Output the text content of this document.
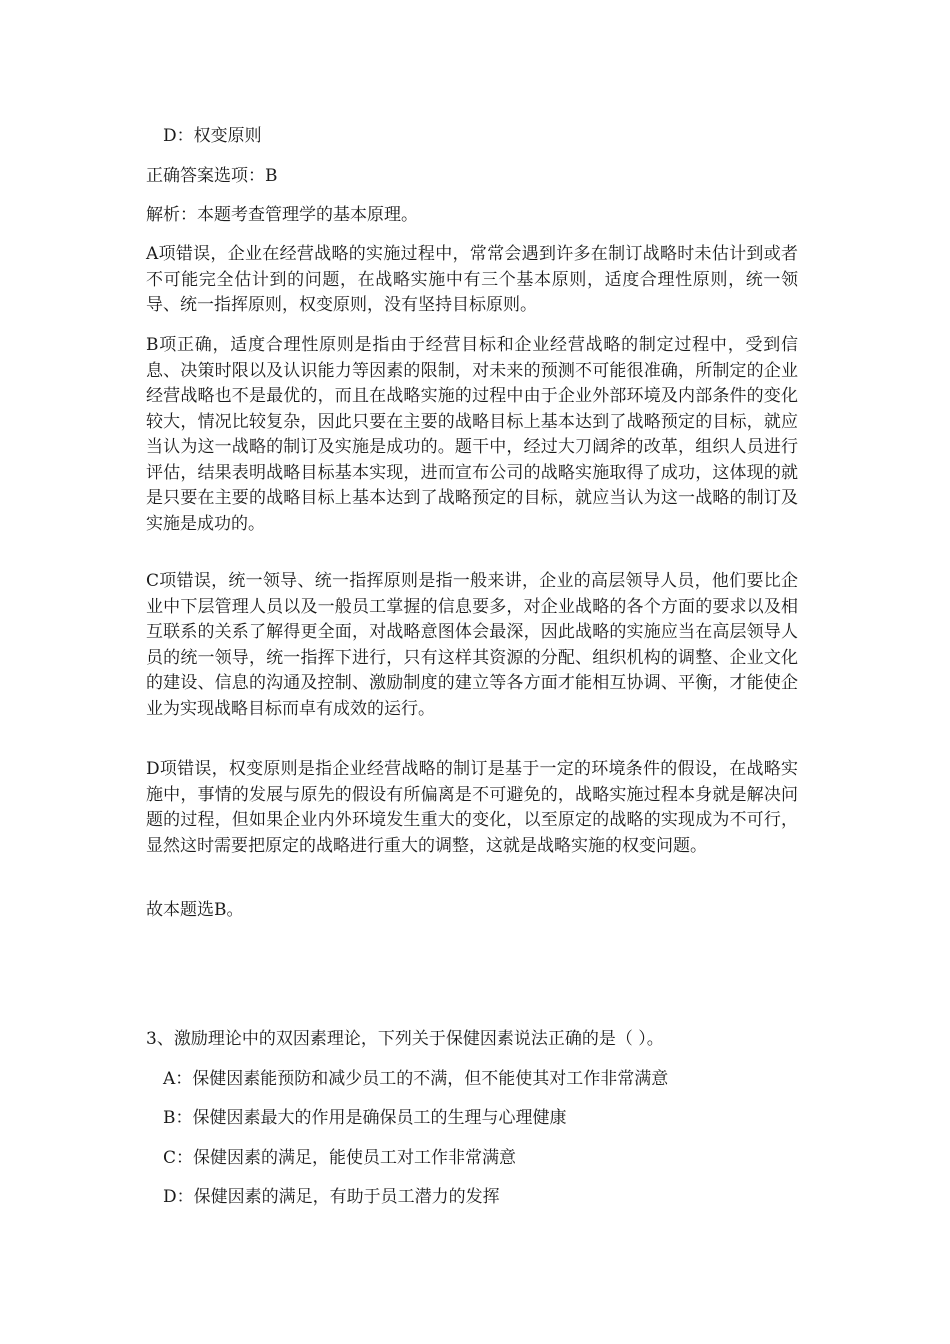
D：权变原则
正确答案选项：B
解析：本题考查管理学的基本原理。
A项错误，企业在经营战略的实施过程中，常常会遇到许多在制订战略时未估计到或者不可能完全估计到的问题，在战略实施中有三个基本原则，适度合理性原则，统一领导、统一指挥原则，权变原则，没有坚持目标原则。
B项正确，适度合理性原则是指由于经营目标和企业经营战略的制定过程中，受到信息、决策时限以及认识能力等因素的限制，对未来的预测不可能很准确，所制定的企业经营战略也不是最优的，而且在战略实施的过程中由于企业外部环境及内部条件的变化较大，情况比较复杂，因此只要在主要的战略目标上基本达到了战略预定的目标，就应当认为这一战略的制订及实施是成功的。题干中，经过大刀阔斧的改革，组织人员进行评估，结果表明战略目标基本实现，进而宣布公司的战略实施取得了成功，这体现的就是只要在主要的战略目标上基本达到了战略预定的目标，就应当认为这一战略的制订及实施是成功的。
C项错误，统一领导、统一指挥原则是指一般来讲，企业的高层领导人员，他们要比企业中下层管理人员以及一般员工掌握的信息要多，对企业战略的各个方面的要求以及相互联系的关系了解得更全面，对战略意图体会最深，因此战略的实施应当在高层领导人员的统一领导，统一指挥下进行，只有这样其资源的分配、组织机构的调整、企业文化的建设、信息的沟通及控制、激励制度的建立等各方面才能相互协调、平衡，才能使企业为实现战略目标而卓有成效的运行。
D项错误，权变原则是指企业经营战略的制订是基于一定的环境条件的假设，在战略实施中，事情的发展与原先的假设有所偏离是不可避免的，战略实施过程本身就是解决问题的过程，但如果企业内外环境发生重大的变化，以至原定的战略的实现成为不可行，显然这时需要把原定的战略进行重大的调整，这就是战略实施的权变问题。
故本题选B。
3、激励理论中的双因素理论，下列关于保健因素说法正确的是（ ）。
A：保健因素能预防和减少员工的不满，但不能使其对工作非常满意
B：保健因素最大的作用是确保员工的生理与心理健康
C：保健因素的满足，能使员工对工作非常满意
D：保健因素的满足，有助于员工潜力的发挥
